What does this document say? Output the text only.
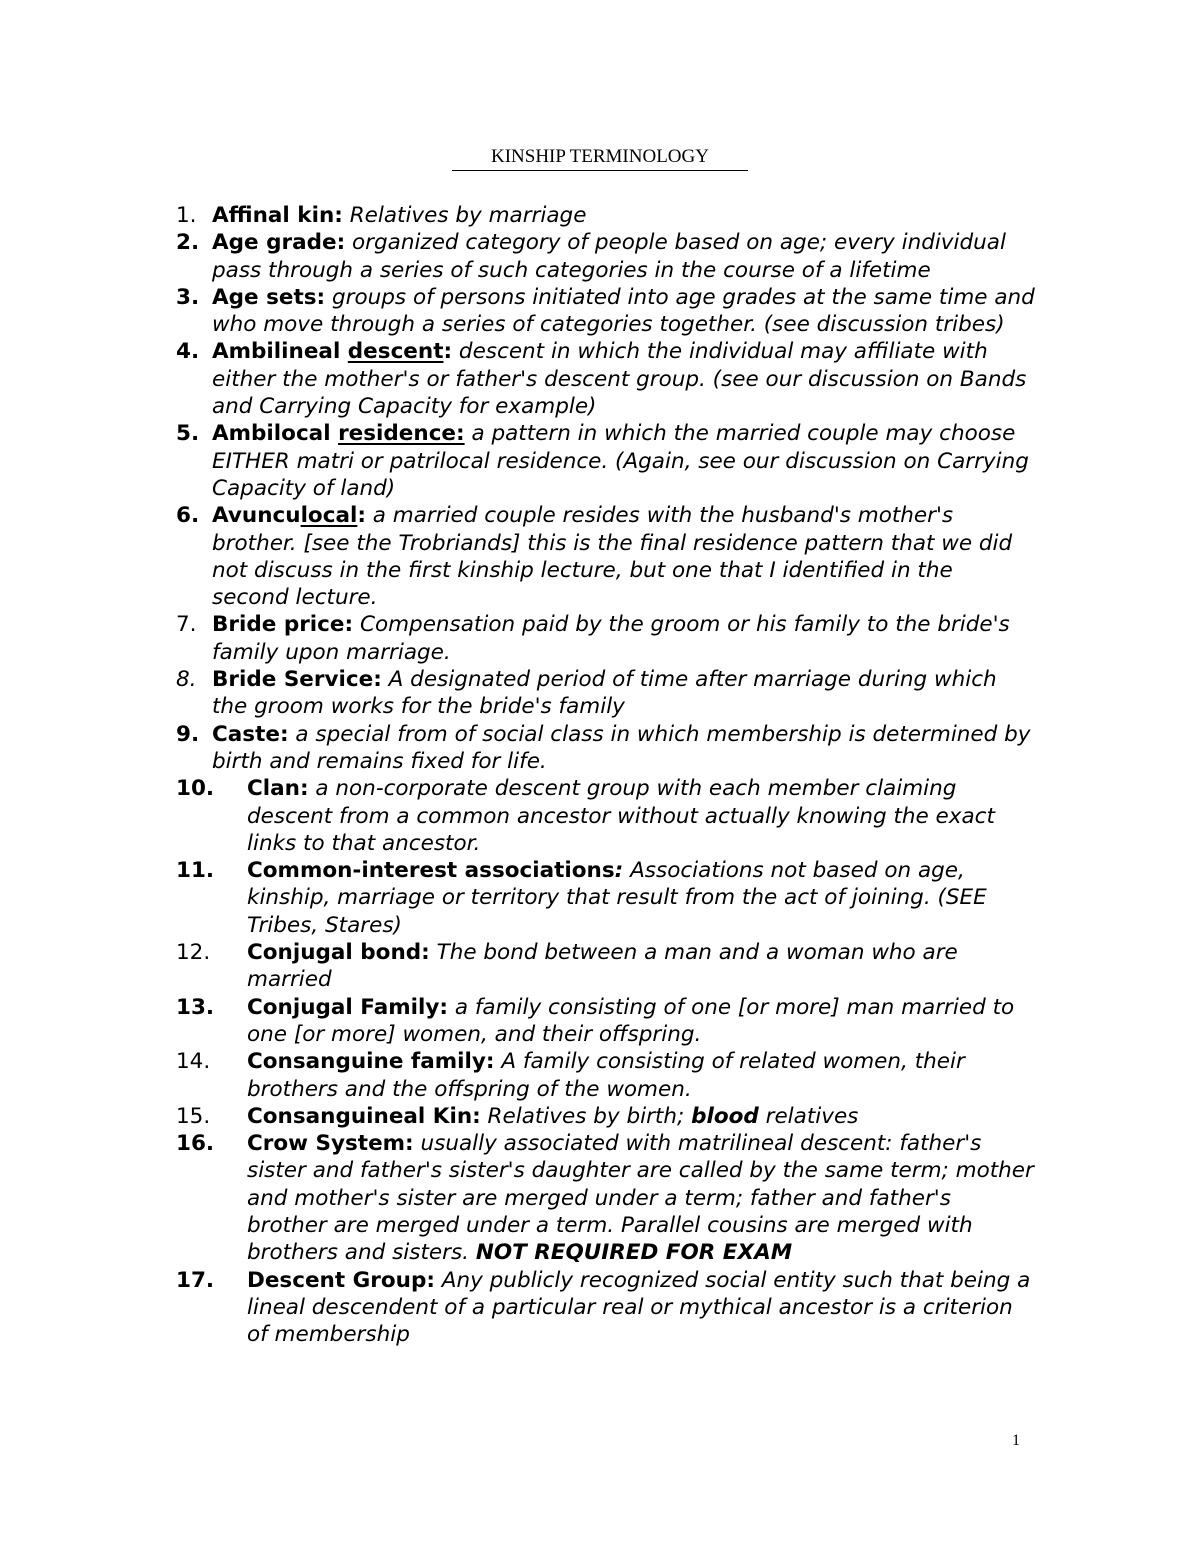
KINSHIP TERMINOLOGY
1. Affinal kin: Relatives by marriage
2. Age grade: organized category of people based on age; every individual pass through a series of such categories in the course of a lifetime
3. Age sets: groups of persons initiated into age grades at the same time and who move through a series of categories together. (see discussion tribes)
4. Ambilineal descent: descent in which the individual may affiliate with either the mother's or father's descent group. (see our discussion on Bands and Carrying Capacity for example)
5. Ambilocal residence: a pattern in which the married couple may choose EITHER matri or patrilocal residence. (Again, see our discussion on Carrying Capacity of land)
6. Avunculocal: a married couple resides with the husband's mother's brother. [see the Trobriands] this is the final residence pattern that we did not discuss in the first kinship lecture, but one that I identified in the second lecture.
7. Bride price: Compensation paid by the groom or his family to the bride's family upon marriage.
8. Bride Service: A designated period of time after marriage during which the groom works for the bride's family
9. Caste: a special from of social class in which membership is determined by birth and remains fixed for life.
10.	Clan: a non-corporate descent group with each member claiming descent from a common ancestor without actually knowing the exact links to that ancestor.
11.	Common-interest associations: Associations not based on age, kinship, marriage or territory that result from the act of joining. (SEE Tribes, Stares)
12.	Conjugal bond: The bond between a man and a woman who are married
13.	Conjugal Family: a family consisting of one [or more] man married to one [or more] women, and their offspring.
14.	Consanguine family: A family consisting of related women, their brothers and the offspring of the women.
15.	Consanguineal Kin: Relatives by birth; blood relatives
16.	Crow System: usually associated with matrilineal descent: father's sister and father's sister's daughter are called by the same term; mother and mother's sister are merged under a term; father and father's brother are merged under a term. Parallel cousins are merged with brothers and sisters. NOT REQUIRED FOR EXAM
17.	Descent Group: Any publicly recognized social entity such that being a lineal descendent of a particular real or mythical ancestor is a criterion of membership
1
